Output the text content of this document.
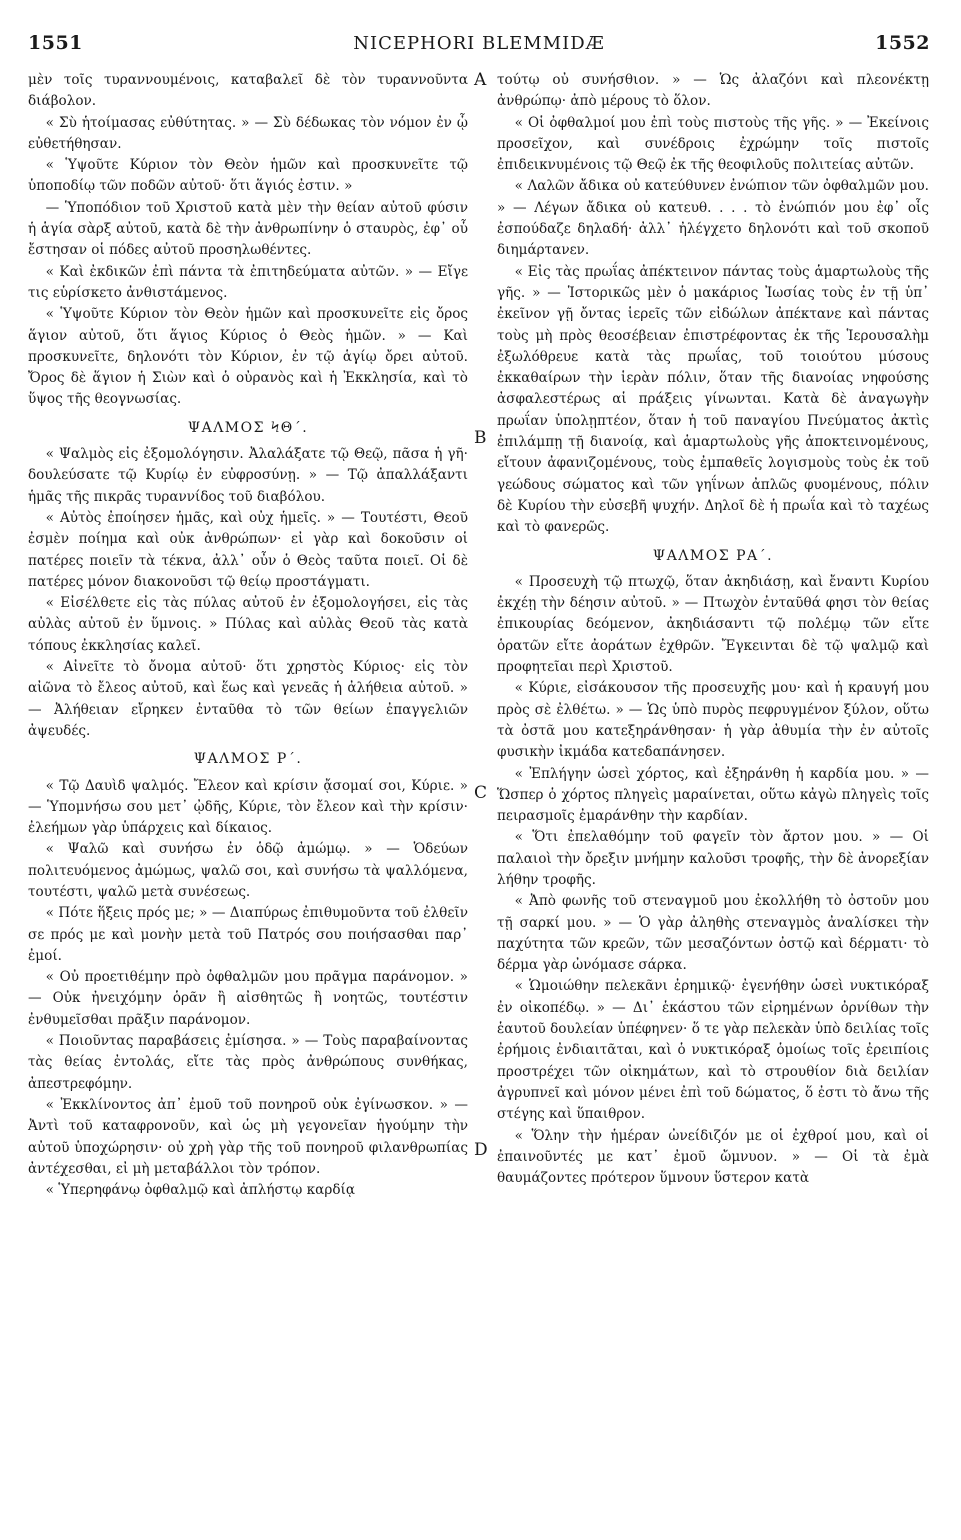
1551	NICEPHORI BLEMMIDÆ	1552

μὲν τοῖς τυραννουμένοις, καταβαλεῖ δὲ τὸν τυραννοῦντα διάβολον.

« Σὺ ἡτοίμασας εὐθύτητας. » — Σὺ δέδωκας τὸν νόμον ἐν ᾧ εὐθετήθησαν.

« Ὑψοῦτε Κύριον τὸν Θεὸν ἡμῶν καὶ προσκυνεῖτε τῷ ὑποποδίῳ τῶν ποδῶν αὐτοῦ· ὅτι ἅγιός ἐστιν. »

— Ὑποπόδιον τοῦ Χριστοῦ κατὰ μὲν τὴν θείαν αὐτοῦ φύσιν ἡ ἁγία σὰρξ αὐτοῦ, κατὰ δὲ τὴν ἀνθρωπίνην ὁ σταυρὸς, ἐφ᾽ οὗ ἔστησαν οἱ πόδες αὐτοῦ προσηλωθέντες.

« Καὶ ἐκδικῶν ἐπὶ πάντα τὰ ἐπιτηδεύματα αὐτῶν. » — Εἴγε τις εὑρίσκετο ἀνθιστάμενος.

« Ὑψοῦτε Κύριον τὸν Θεὸν ἡμῶν καὶ προσκυνεῖτε εἰς ὄρος ἅγιον αὐτοῦ, ὅτι ἅγιος Κύριος ὁ Θεὸς ἡμῶν. » — Καὶ προσκυνεῖτε, δηλονότι τὸν Κύριον, ἐν τῷ ἁγίῳ ὄρει αὐτοῦ. Ὄρος δὲ ἅγιον ἡ Σιὼν καὶ ὁ οὐρανὸς καὶ ἡ Ἐκκλησία, καὶ τὸ ὕψος τῆς θεογνωσίας.

ΨΑΛΜΟΣ ϞΘ΄.

« Ψαλμὸς εἰς ἐξομολόγησιν. Ἀλαλάξατε τῷ Θεῷ, πᾶσα ἡ γῆ· δουλεύσατε τῷ Κυρίῳ ἐν εὐφροσύνῃ. » — Τῷ ἀπαλλάξαντι ἡμᾶς τῆς πικρᾶς τυραννίδος τοῦ διαβόλου.

« Αὐτὸς ἐποίησεν ἡμᾶς, καὶ οὐχ ἡμεῖς. » — Τουτέστι, Θεοῦ ἐσμὲν ποίημα καὶ οὐκ ἀνθρώπων· εἰ γὰρ καὶ δοκοῦσιν οἱ πατέρες ποιεῖν τὰ τέκνα, ἀλλ᾽ οὖν ὁ Θεὸς ταῦτα ποιεῖ. Οἱ δὲ πατέρες μόνον διακονοῦσι τῷ θείῳ προστάγματι.

« Εἰσέλθετε εἰς τὰς πύλας αὐτοῦ ἐν ἐξομολογήσει, εἰς τὰς αὐλὰς αὐτοῦ ἐν ὕμνοις. » Πύλας καὶ αὐλὰς Θεοῦ τὰς κατὰ τόπους ἐκκλησίας καλεῖ.

« Αἰνεῖτε τὸ ὄνομα αὐτοῦ· ὅτι χρηστὸς Κύριος· εἰς τὸν αἰῶνα τὸ ἔλεος αὐτοῦ, καὶ ἕως καὶ γενεᾶς ἡ ἀλήθεια αὐτοῦ. » — Ἀλήθειαν εἴρηκεν ἐνταῦθα τὸ τῶν θείων ἐπαγγελιῶν ἀψευδές.

ΨΑΛΜΟΣ Ρ΄.

« Τῷ Δαυὶδ ψαλμός. Ἔλεον καὶ κρίσιν ᾄσομαί σοι, Κύριε. » — Ὑπομνήσω σου μετ᾽ ᾠδῆς, Κύριε, τὸν ἔλεον καὶ τὴν κρίσιν· ἐλεήμων γὰρ ὑπάρχεις καὶ δίκαιος.

« Ψαλῶ καὶ συνήσω ἐν ὁδῷ ἀμώμῳ. » — Ὁδεύων πολιτευόμενος ἀμώμως, ψαλῶ σοι, καὶ συνήσω τὰ ψαλλόμενα, τουτέστι, ψαλῶ μετὰ συνέσεως.

« Πότε ἥξεις πρός με; » — Διαπύρως ἐπιθυμοῦντα τοῦ ἐλθεῖν σε πρός με καὶ μονὴν μετὰ τοῦ Πατρός σου ποιήσασθαι παρ᾽ ἐμοί.

« Οὐ προετιθέμην πρὸ ὀφθαλμῶν μου πρᾶγμα παράνομον. » — Οὐκ ἠνειχόμην ὁρᾶν ἢ αἰσθητῶς ἢ νοητῶς, τουτέστιν ἐνθυμεῖσθαι πρᾶξιν παράνομον.

« Ποιοῦντας παραβάσεις ἐμίσησα. » — Τοὺς παραβαίνοντας τὰς θείας ἐντολάς, εἴτε τὰς πρὸς ἀνθρώπους συνθήκας, ἀπεστρεφόμην.

« Ἐκκλίνοντος ἀπ᾽ ἐμοῦ τοῦ πονηροῦ οὐκ ἐγίνωσκον. » — Ἀντὶ τοῦ καταφρονοῦν, καὶ ὡς μὴ γεγονεῖαν ἡγούμην τὴν αὐτοῦ ὑποχώρησιν· οὐ χρὴ γὰρ τῆς τοῦ πονηροῦ φιλανθρωπίας ἀντέχεσθαι, εἰ μὴ μεταβάλλοι τὸν τρόπον.

« Ὑπερηφάνῳ ὀφθαλμῷ καὶ ἀπλήστῳ καρδίᾳ

A
B
C
D

τούτῳ οὐ συνήσθιον. » — Ὡς ἀλαζόνι καὶ πλεονέκτῃ ἀνθρώπῳ· ἀπὸ μέρους τὸ ὅλον.

« Οἱ ὀφθαλμοί μου ἐπὶ τοὺς πιστοὺς τῆς γῆς. » — Ἐκείνοις προσεῖχον, καὶ συνέδροις ἐχρώμην τοῖς πιστοῖς ἐπιδεικνυμένοις τῷ Θεῷ ἐκ τῆς θεοφιλοῦς πολιτείας αὐτῶν.

« Λαλῶν ἄδικα οὐ κατεύθυνεν ἐνώπιον τῶν ὀφθαλμῶν μου. » — Λέγων ἄδικα οὐ κατευθ. . . . τὸ ἐνώπιόν μου ἐφ᾽ οἷς ἐσπούδαζε δηλαδή· ἀλλ᾽ ἠλέγχετο δηλονότι καὶ τοῦ σκοποῦ διημάρτανεν.

« Εἰς τὰς πρωΐας ἀπέκτεινον πάντας τοὺς ἁμαρτωλοὺς τῆς γῆς. » — Ἱστορικῶς μὲν ὁ μακάριος Ἰωσίας τοὺς ἐν τῇ ὑπ᾽ ἐκεῖνον γῇ ὄντας ἱερεῖς τῶν εἰδώλων ἀπέκτανε καὶ πάντας τοὺς μὴ πρὸς θεοσέβειαν ἐπιστρέφοντας ἐκ τῆς Ἱερουσαλὴμ ἐξωλόθρευε κατὰ τὰς πρωΐας, τοῦ τοιούτου μύσους ἐκκαθαίρων τὴν ἱερὰν πόλιν, ὅταν τῆς διανοίας νηφούσης ἀσφαλεστέρως αἱ πράξεις γίνωνται. Κατὰ δὲ ἀναγωγὴν πρωΐαν ὑπολῃπτέον, ὅταν ἡ τοῦ παναγίου Πνεύματος ἀκτὶς ἐπιλάμπῃ τῇ διανοίᾳ, καὶ ἁμαρτωλοὺς γῆς ἀποκτεινομένους, εἴτουν ἀφανιζομένους, τοὺς ἐμπαθεῖς λογισμοὺς τοὺς ἐκ τοῦ γεώδους σώματος καὶ τῶν γηΐνων ἀπλῶς φυομένους, πόλιν δὲ Κυρίου τὴν εὐσεβῆ ψυχήν. Δηλοῖ δὲ ἡ πρωΐα καὶ τὸ ταχέως καὶ τὸ φανερῶς.

ΨΑΛΜΟΣ ΡΑ΄.

« Προσευχὴ τῷ πτωχῷ, ὅταν ἀκηδιάσῃ, καὶ ἔναντι Κυρίου ἐκχέῃ τὴν δέησιν αὐτοῦ. » — Πτωχὸν ἐνταῦθά φησι τὸν θείας ἐπικουρίας δεόμενον, ἀκηδιάσαντι τῷ πολέμῳ τῶν εἴτε ὁρατῶν εἴτε ἀοράτων ἐχθρῶν. Ἔγκεινται δὲ τῷ ψαλμῷ καὶ προφητεῖαι περὶ Χριστοῦ.

« Κύριε, εἰσάκουσον τῆς προσευχῆς μου· καὶ ἡ κραυγή μου πρὸς σὲ ἐλθέτω. » — Ὡς ὑπὸ πυρὸς πεφρυγμένον ξύλον, οὕτω τὰ ὀστᾶ μου κατεξηράνθησαν· ἡ γὰρ ἀθυμία τὴν ἐν αὐτοῖς φυσικὴν ἰκμάδα κατεδαπάνησεν.

« Ἐπλήγην ὡσεὶ χόρτος, καὶ ἐξηράνθη ἡ καρδία μου. » — Ὥσπερ ὁ χόρτος πληγεὶς μαραίνεται, οὕτω κἀγὼ πληγεὶς τοῖς πειρασμοῖς ἐμαράνθην τὴν καρδίαν.

« Ὅτι ἐπελαθόμην τοῦ φαγεῖν τὸν ἄρτον μου. » — Οἱ παλαιοὶ τὴν ὄρεξιν μνήμην καλοῦσι τροφῆς, τὴν δὲ ἀνορεξίαν λήθην τροφῆς.

« Ἀπὸ φωνῆς τοῦ στεναγμοῦ μου ἐκολλήθη τὸ ὀστοῦν μου τῇ σαρκί μου. » — Ὁ γὰρ ἀληθὴς στεναγμὸς ἀναλίσκει τὴν παχύτητα τῶν κρεῶν, τῶν μεσαζόντων ὀστῷ καὶ δέρματι· τὸ δέρμα γὰρ ὠνόμασε σάρκα.

« Ὡμοιώθην πελεκᾶνι ἐρημικῷ· ἐγενήθην ὡσεὶ νυκτικόραξ ἐν οἰκοπέδῳ. » — Δι᾽ ἑκάστου τῶν εἰρημένων ὀρνίθων τὴν ἑαυτοῦ δουλείαν ὑπέφηνεν· ὅ τε γὰρ πελεκὰν ὑπὸ δειλίας τοῖς ἐρήμοις ἐνδιαιτᾶται, καὶ ὁ νυκτικόραξ ὁμοίως τοῖς ἐρειπίοις προστρέχει τῶν οἰκημάτων, καὶ τὸ στρουθίον διὰ δειλίαν ἀγρυπνεῖ καὶ μόνον μένει ἐπὶ τοῦ δώματος, ὅ ἐστι τὸ ἄνω τῆς στέγης καὶ ὕπαιθρον.

« Ὅλην τὴν ἡμέραν ὠνείδιζόν με οἱ ἐχθροί μου, καὶ οἱ ἐπαινοῦντές με κατ᾽ ἐμοῦ ὤμνυον. » — Οἱ τὰ ἐμὰ θαυμάζοντες πρότερον ὕμνουν ὕστερον κατὰ
